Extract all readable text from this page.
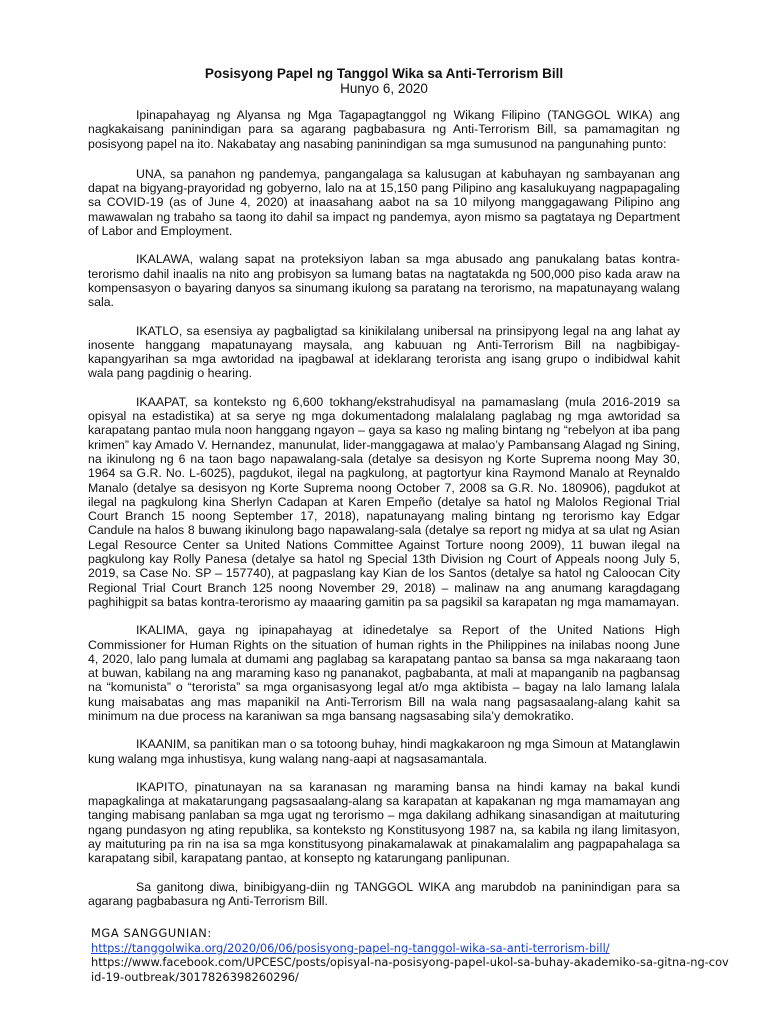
Posisyong Papel ng Tanggol Wika sa Anti-Terrorism Bill

Hunyo 6, 2020

Ipinapahayag ng Alyansa ng Mga Tagapagtanggol ng Wikang Filipino (TANGGOL WIKA) ang nagkakaisang paninindigan para sa agarang pagbabasura ng Anti-Terrorism Bill, sa pamamagitan ng posisyong papel na ito. Nakabatay ang nasabing paninindigan sa mga sumusunod na pangunahing punto:

UNA, sa panahon ng pandemya, pangangalaga sa kalusugan at kabuhayan ng sambayanan ang dapat na bigyang-prayoridad ng gobyerno, lalo na at 15,150 pang Pilipino ang kasalukuyang nagpapagaling sa COVID-19 (as of June 4, 2020) at inaasahang aabot na sa 10 milyong manggagawang Pilipino ang mawawalan ng trabaho sa taong ito dahil sa impact ng pandemya, ayon mismo sa pagtataya ng Department of Labor and Employment.

IKALAWA, walang sapat na proteksiyon laban sa mga abusado ang panukalang batas kontra-terorismo dahil inaalis na nito ang probisyon sa lumang batas na nagtatakda ng 500,000 piso kada araw na kompensasyon o bayaring danyos sa sinumang ikulong sa paratang na terorismo, na mapatunayang walang sala.

IKATLO, sa esensiya ay pagbaligtad sa kinikilalang unibersal na prinsipyong legal na ang lahat ay inosente hanggang mapatunayang maysala, ang kabuuan ng Anti-Terrorism Bill na nagbibigay-kapangyarihan sa mga awtoridad na ipagbawal at ideklarang terorista ang isang grupo o indibidwal kahit wala pang pagdinig o hearing.

IKAAPAT, sa konteksto ng 6,600 tokhang/ekstrahudisyal na pamamaslang (mula 2016-2019 sa opisyal na estadistika) at sa serye ng mga dokumentadong malalalang paglabag ng mga awtoridad sa karapatang pantao mula noon hanggang ngayon – gaya sa kaso ng maling bintang ng “rebelyon at iba pang krimen” kay Amado V. Hernandez, manunulat, lider-manggagawa at malao’y Pambansang Alagad ng Sining, na ikinulong ng 6 na taon bago napawalang-sala (detalye sa desisyon ng Korte Suprema noong May 30, 1964 sa G.R. No. L-6025), pagdukot, ilegal na pagkulong, at pagtortyur kina Raymond Manalo at Reynaldo Manalo (detalye sa desisyon ng Korte Suprema noong October 7, 2008 sa G.R. No. 180906), pagdukot at ilegal na pagkulong kina Sherlyn Cadapan at Karen Empeño (detalye sa hatol ng Malolos Regional Trial Court Branch 15 noong September 17, 2018), napatunayang maling bintang ng terorismo kay Edgar Candule na halos 8 buwang ikinulong bago napawalang-sala (detalye sa report ng midya at sa ulat ng Asian Legal Resource Center sa United Nations Committee Against Torture noong 2009), 11 buwan ilegal na pagkulong kay Rolly Panesa (detalye sa hatol ng Special 13th Division ng Court of Appeals noong July 5, 2019, sa Case No. SP – 157740), at pagpaslang kay Kian de los Santos (detalye sa hatol ng Caloocan City Regional Trial Court Branch 125 noong November 29, 2018) – malinaw na ang anumang karagdagang paghihigpit sa batas kontra-terorismo ay maaaring gamitin pa sa pagsikil sa karapatan ng mga mamamayan.

IKALIMA, gaya ng ipinapahayag at idinedetalye sa Report of the United Nations High Commissioner for Human Rights on the situation of human rights in the Philippines na inilabas noong June 4, 2020, lalo pang lumala at dumami ang paglabag sa karapatang pantao sa bansa sa mga nakaraang taon at buwan, kabilang na ang maraming kaso ng pananakot, pagbabanta, at mali at mapanganib na pagbansag na “komunista” o “terorista” sa mga organisasyong legal at/o mga aktibista – bagay na lalo lamang lalala kung maisabatas ang mas mapanikil na Anti-Terrorism Bill na wala nang pagsasaalang-alang kahit sa minimum na due process na karaniwan sa mga bansang nagsasabing sila’y demokratiko.

IKAANIM, sa panitikan man o sa totoong buhay, hindi magkakaroon ng mga Simoun at Matanglawin kung walang mga inhustisya, kung walang nang-aapi at nagsasamantala.

IKAPITO, pinatunayan na sa karanasan ng maraming bansa na hindi kamay na bakal kundi mapagkalinga at makatarungang pagsasaalang-alang sa karapatan at kapakanan ng mga mamamayan ang tanging mabisang panlaban sa mga ugat ng terorismo – mga dakilang adhikang sinasandigan at maituturing ngang pundasyon ng ating republika, sa konteksto ng Konstitusyong 1987 na, sa kabila ng ilang limitasyon, ay maituturing pa rin na isa sa mga konstitusyong pinakamalawak at pinakamalalim ang pagpapahalaga sa karapatang sibil, karapatang pantao, at konsepto ng katarungang panlipunan.

Sa ganitong diwa, binibigyang-diin ng TANGGOL WIKA ang marubdob na paninindigan para sa agarang pagbabasura ng Anti-Terrorism Bill.

MGA SANGGUNIAN:

https://tanggolwika.org/2020/06/06/posisyong-papel-ng-tanggol-wika-sa-anti-terrorism-bill/

https://www.facebook.com/UPCESC/posts/opisyal-na-posisyong-papel-ukol-sa-buhay-akademiko-sa-gitna-ng-covid-19-outbreak/3017826398260296/
